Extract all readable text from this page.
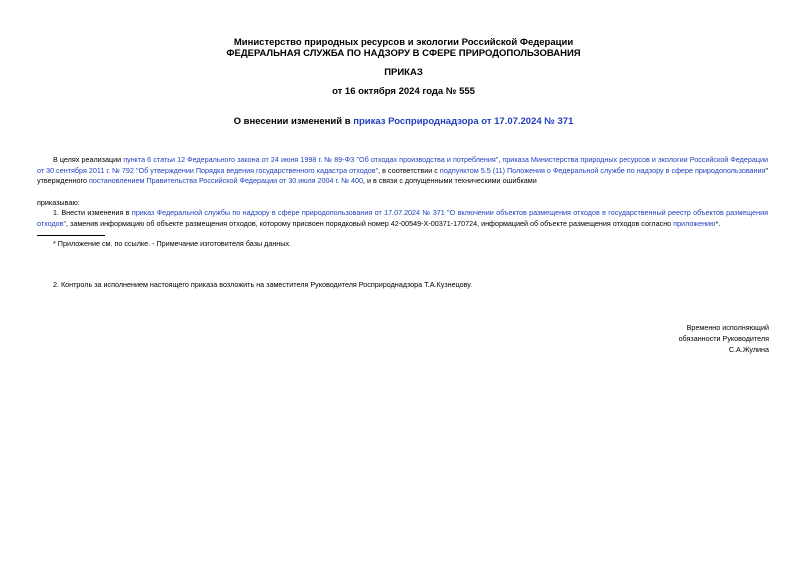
Министерство природных ресурсов и экологии Российской Федерации
ФЕДЕРАЛЬНАЯ СЛУЖБА ПО НАДЗОРУ В СФЕРЕ ПРИРОДОПОЛЬЗОВАНИЯ
ПРИКАЗ
от 16 октября 2024 года № 555
О внесении изменений в приказ Росприроднадзора от 17.07.2024 № 371
В целях реализации пункта 6 статьи 12 Федерального закона от 24 июня 1998 г. № 89-ФЗ "Об отходах производства и потребления", приказа Министерства природных ресурсов и экологии Российской Федерации от 30 сентября 2011 г. № 792 "Об утверждении Порядка ведения государственного кадастра отходов", в соответствии с подпунктом 5.5 (11) Положения о Федеральной службе по надзору в сфере природопользования" утвержденного постановлением Правительства Российской Федерации от 30 июля 2004 г. № 400, и в связи с допущенными техническими ошибками
приказываю:
1. Внести изменения в приказ Федеральной службы по надзору в сфере природопользования от 17.07.2024 № 371 "О включении объектов размещения отходов в государственный реестр объектов размещения отходов", заменив информацию об объекте размещения отходов, которому присвоен порядковый номер 42-00549-Х-00371-170724, информацией об объекте размещения отходов согласно приложению*.
* Приложение см. по ссылке. - Примечание изготовителя базы данных.
2. Контроль за исполнением настоящего приказа возложить на заместителя Руководителя Росприроднадзора Т.А.Кузнецову.
Временно исполняющий
обязанности Руководителя
С.А.Жулина
